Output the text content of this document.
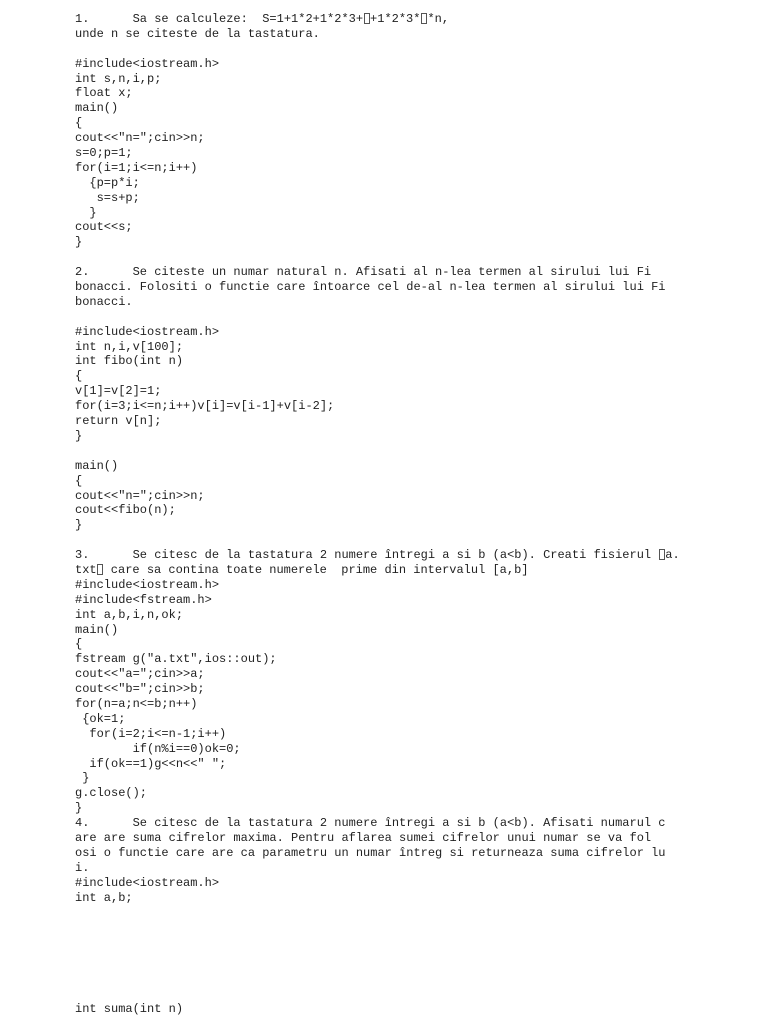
1.      Sa se calculeze:  S=1+1*2+1*2*3+ +1*2*3* *n,
unde n se citeste de la tastatura.
#include<iostream.h>
int s,n,i,p;
float x;
main()
{
cout<<"n=";cin>>n;
s=0;p=1;
for(i=1;i<=n;i++)
{p=p*i;
s=s+p;
}
cout<<s;
}
2.      Se citeste un numar natural n. Afisati al n-lea termen al sirului lui Fi
bonacci. Folositi o functie care întoarce cel de-al n-lea termen al sirului lui Fi
bonacci.
#include<iostream.h>
int n,i,v[100];
int fibo(int n)
{
v[1]=v[2]=1;
for(i=3;i<=n;i++)v[i]=v[i-1]+v[i-2];
return v[n];
}
main()
{
cout<<"n=";cin>>n;
cout<<fibo(n);
}
3.      Se citesc de la tastatura 2 numere întregi a si b (a<b). Creati fisierul a.
txt care sa contina toate numerele  prime din intervalul [a,b]
#include<iostream.h>
#include<fstream.h>
int a,b,i,n,ok;
main()
{
fstream g("a.txt",ios::out);
cout<<"a=";cin>>a;
cout<<"b=";cin>>b;
for(n=a;n<=b;n++)
{ok=1;
for(i=2;i<=n-1;i++)
if(n%i==0)ok=0;
if(ok==1)g<<n<<" ";
}
g.close();
}
4.      Se citesc de la tastatura 2 numere întregi a si b (a<b). Afisati numarul c
are are suma cifrelor maxima. Pentru aflarea sumei cifrelor unui numar se va fol
osi o functie care are ca parametru un numar întreg si returneaza suma cifrelor lu
i.
#include<iostream.h>
int a,b;
int suma(int n)
